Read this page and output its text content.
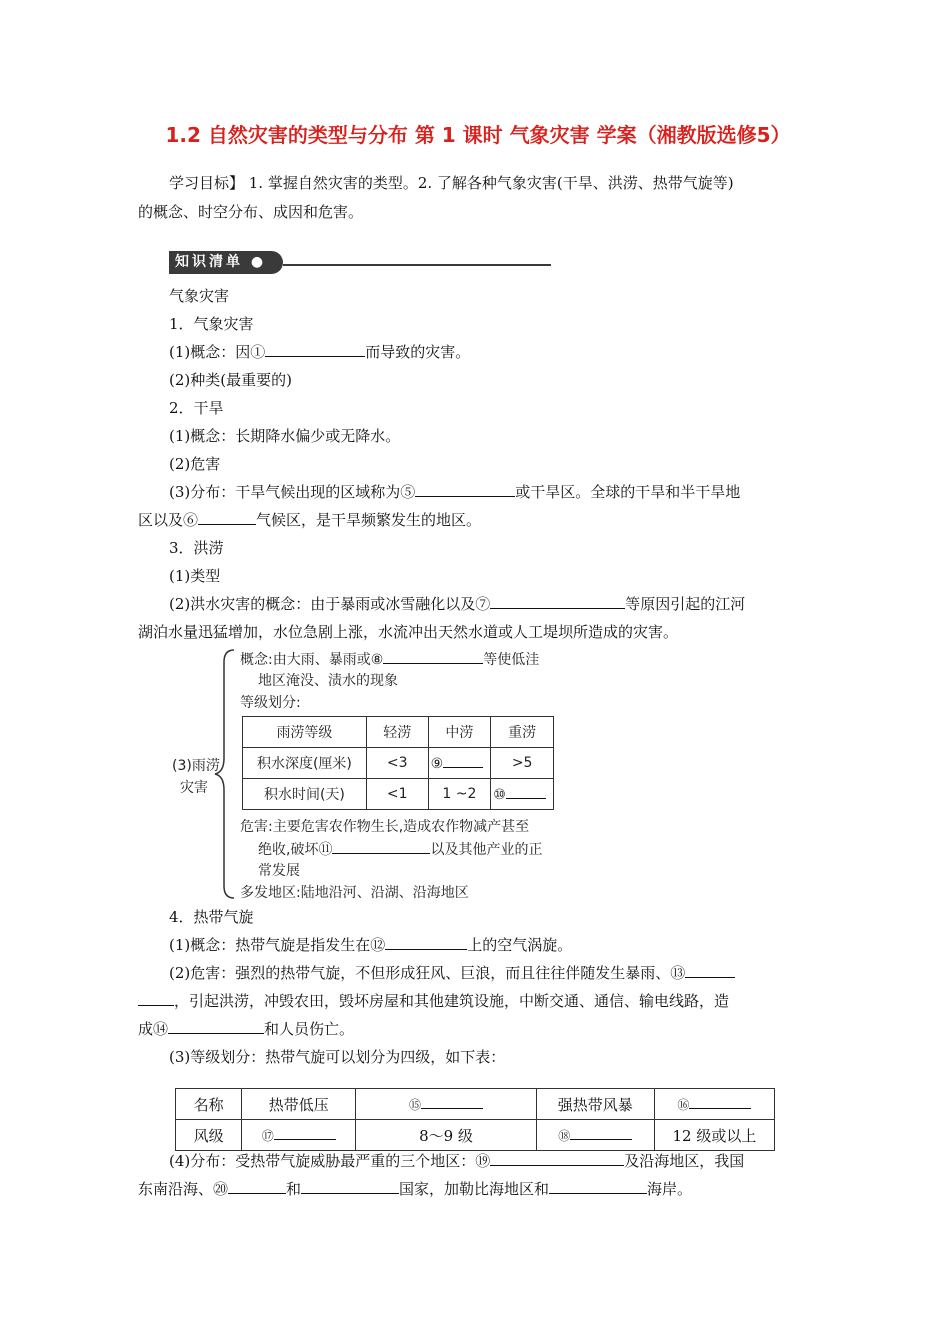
1.2 自然灾害的类型与分布 第 1 课时 气象灾害 学案（湘教版选修5）
学习目标】 1. 掌握自然灾害的类型。2. 了解各种气象灾害(干旱、洪涝、热带气旋等)
的概念、时空分布、成因和危害。
知识清单 ●
气象灾害
1．气象灾害
(1)概念：因①	而导致的灾害。
(2)种类(最重要的)
2．干旱
(1)概念：长期降水偏少或无降水。
(2)危害
(3)分布：干旱气候出现的区域称为⑤	或干旱区。全球的干旱和半干旱地
区以及⑥	气候区，是干旱频繁发生的地区。
3．洪涝
(1)类型
(2)洪水灾害的概念：由于暴雨或冰雪融化以及⑦	等原因引起的江河
湖泊水量迅猛增加，水位急剧上涨，水流冲出天然水道或人工堤坝所造成的灾害。
(3)雨涝
灾害
概念:由大雨、暴雨或⑧	等使低洼
地区淹没、渍水的现象
等级划分:
雨涝等级	轻涝	中涝	重涝
积水深度(厘米)	<3	⑨	>5
积水时间(天)	<1	1 ~2	⑩
危害:主要危害农作物生长,造成农作物减产甚至
绝收,破坏⑪	以及其他产业的正
常发展
多发地区:陆地沿河、沿湖、沿海地区
4．热带气旋
(1)概念：热带气旋是指发生在⑫	上的空气涡旋。
(2)危害：强烈的热带气旋，不但形成狂风、巨浪，而且往往伴随发生暴雨、⑬
，引起洪涝，冲毁农田，毁坏房屋和其他建筑设施，中断交通、通信、输电线路，造
成⑭	和人员伤亡。
(3)等级划分：热带气旋可以划分为四级，如下表：
名称	热带低压	⑮	强热带风暴	⑯
风级	⑰	8～9 级	⑱	12 级或以上
(4)分布：受热带气旋威胁最严重的三个地区：⑲	及沿海地区，我国
东南沿海、⑳	和	国家，加勒比海地区和	海岸。
